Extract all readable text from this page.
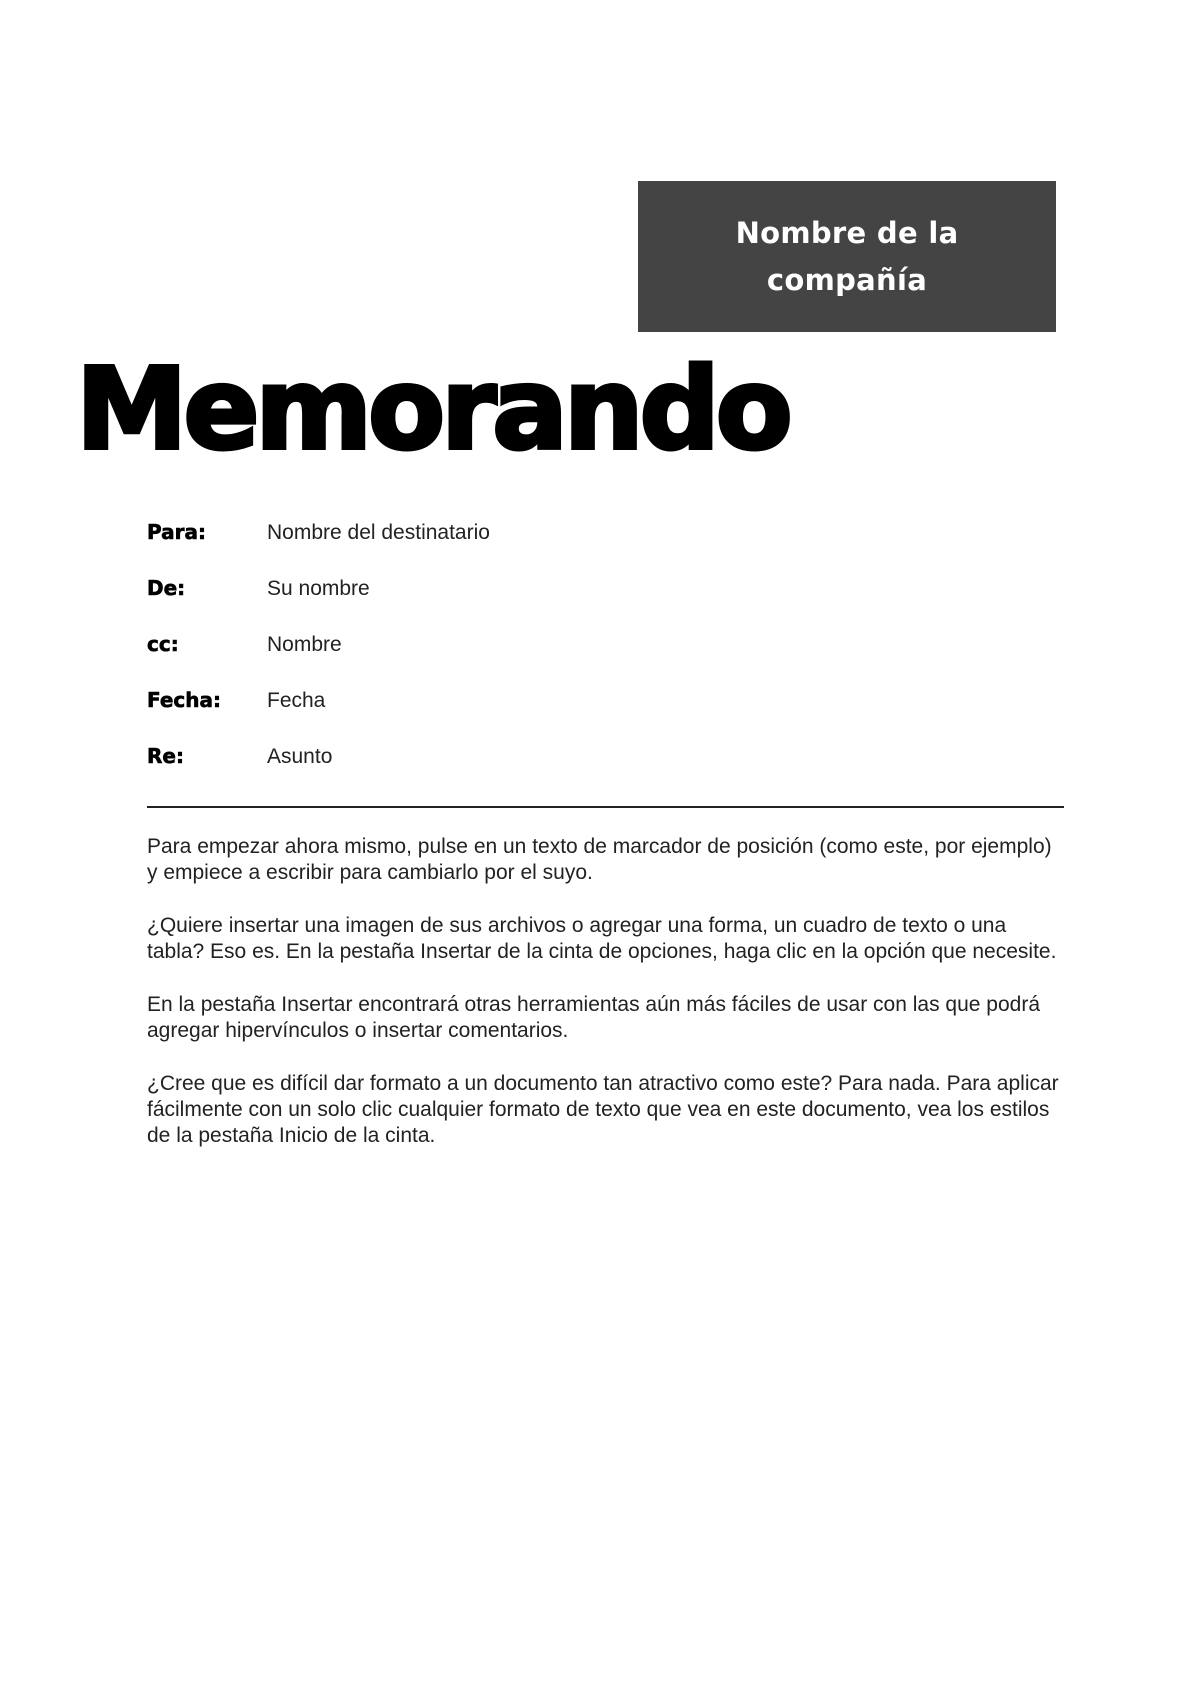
Nombre de la compañía
Memorando
Para:	Nombre del destinatario
De:	Su nombre
cc:	Nombre
Fecha:	Fecha
Re:	Asunto

Para empezar ahora mismo, pulse en un texto de marcador de posición (como este, por ejemplo) y empiece a escribir para cambiarlo por el suyo.

¿Quiere insertar una imagen de sus archivos o agregar una forma, un cuadro de texto o una tabla? Eso es. En la pestaña Insertar de la cinta de opciones, haga clic en la opción que necesite.

En la pestaña Insertar encontrará otras herramientas aún más fáciles de usar con las que podrá agregar hipervínculos o insertar comentarios.

¿Cree que es difícil dar formato a un documento tan atractivo como este? Para nada. Para aplicar fácilmente con un solo clic cualquier formato de texto que vea en este documento, vea los estilos de la pestaña Inicio de la cinta.
